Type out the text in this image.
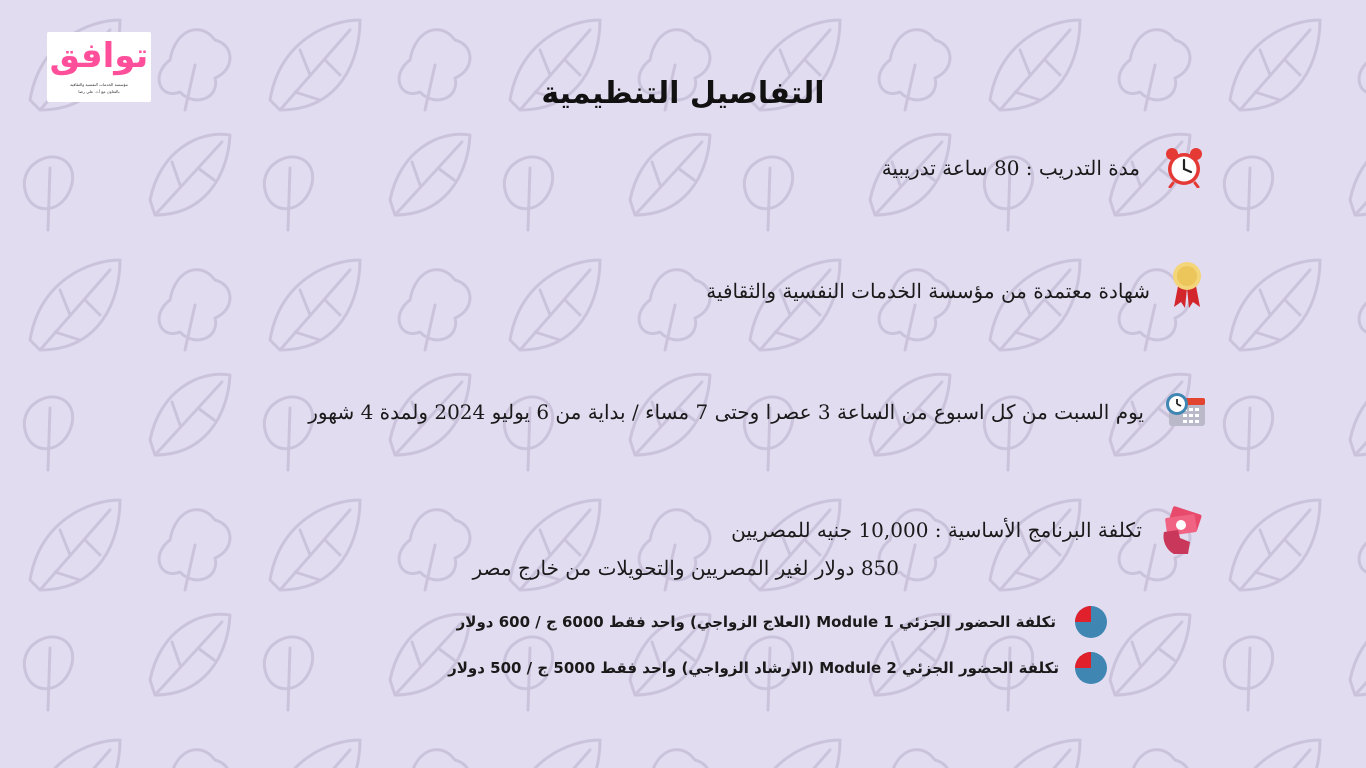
توافق
مؤسسة الخدمات النفسية والثقافية
بالتعاون مع أ.د. علي رضا	التفاصيل التنظيمية
مدة التدريب : 80 ساعة تدريبية
شهادة معتمدة من مؤسسة الخدمات النفسية والثقافية
يوم السبت من كل اسبوع من الساعة 3 عصرا وحتى 7 مساء / بداية من 6 يوليو 2024 ولمدة 4 شهور
تكلفة البرنامج الأساسية : 10,000 جنيه للمصريين
850 دولار لغير المصريين والتحويلات من خارج مصر
تكلفة الحضور الجزئي Module 1 (العلاج الزواجي) واحد فقط 6000 ج / 600 دولار
تكلفة الحضور الجزئي Module 2 (الارشاد الزواجي) واحد فقط 5000 ج / 500 دولار
